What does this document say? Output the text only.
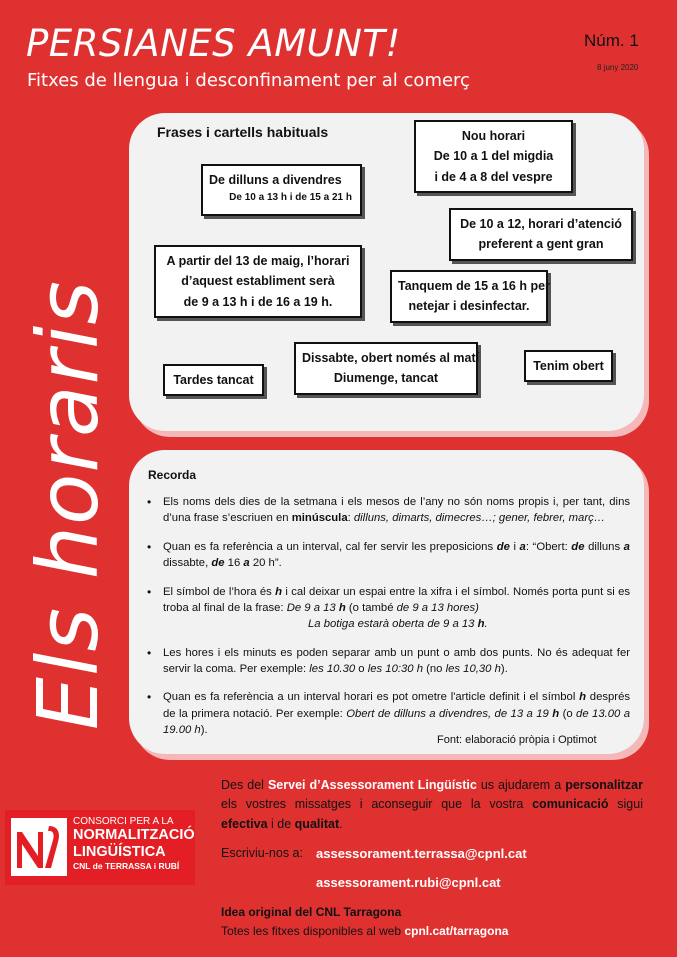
PERSIANES AMUNT!
Fitxes de llengua i desconfinament per al comerç
Núm. 1
8 juny 2020
Els horaris
Frases i cartells habituals
De dilluns a divendres
De 10 a 13 h i de 15 a 21 h
Nou horari
De 10 a 1 del migdia
i de 4 a 8 del vespre
De 10 a 12, horari d’atenció
preferent a gent gran
A partir del 13 de maig, l’horari
d’aquest establiment serà
de 9 a 13 h i de 16 a 19 h.
Tanquem de 15 a 16 h per
netejar i desinfectar.
Dissabte, obert només al matí
Diumenge, tancat
Tardes tancat
Tenim obert
Recorda
• Els noms dels dies de la setmana i els mesos de l’any no són noms propis i, per tant, dins d’una frase s’escriuen en minúscula: dilluns, dimarts, dimecres…; gener, febrer, març…
• Quan es fa referència a un interval, cal fer servir les preposicions de i a: “Obert: de dilluns a dissabte, de 16 a 20 h”.
• El símbol de l’hora és h i cal deixar un espai entre la xifra i el símbol. Només porta punt si es troba al final de la frase: De 9 a 13 h (o també de 9 a 13 hores)
La botiga estarà oberta de 9 a 13 h.
• Les hores i els minuts es poden separar amb un punt o amb dos punts. No és adequat fer servir la coma. Per exemple: les 10.30 o les 10:30 h (no les 10,30 h).
• Quan es fa referència a un interval horari es pot ometre l'article definit i el símbol h després de la primera notació. Per exemple: Obert de dilluns a divendres, de 13 a 19 h (o de 13.00 a 19.00 h).
Font: elaboració pròpia i Optimot
CONSORCI PER A LA
NORMALITZACIÓ
LINGÜÍSTICA
CNL de TERRASSA i RUBÍ
Des del Servei d’Assessorament Lingüístic us ajudarem a personalitzar els vostres missatges i aconseguir que la vostra comunicació sigui efectiva i de qualitat.
Escriviu-nos a: assessorament.terrassa@cpnl.cat
assessorament.rubi@cpnl.cat
Idea original del CNL Tarragona
Totes les fitxes disponibles al web cpnl.cat/tarragona
